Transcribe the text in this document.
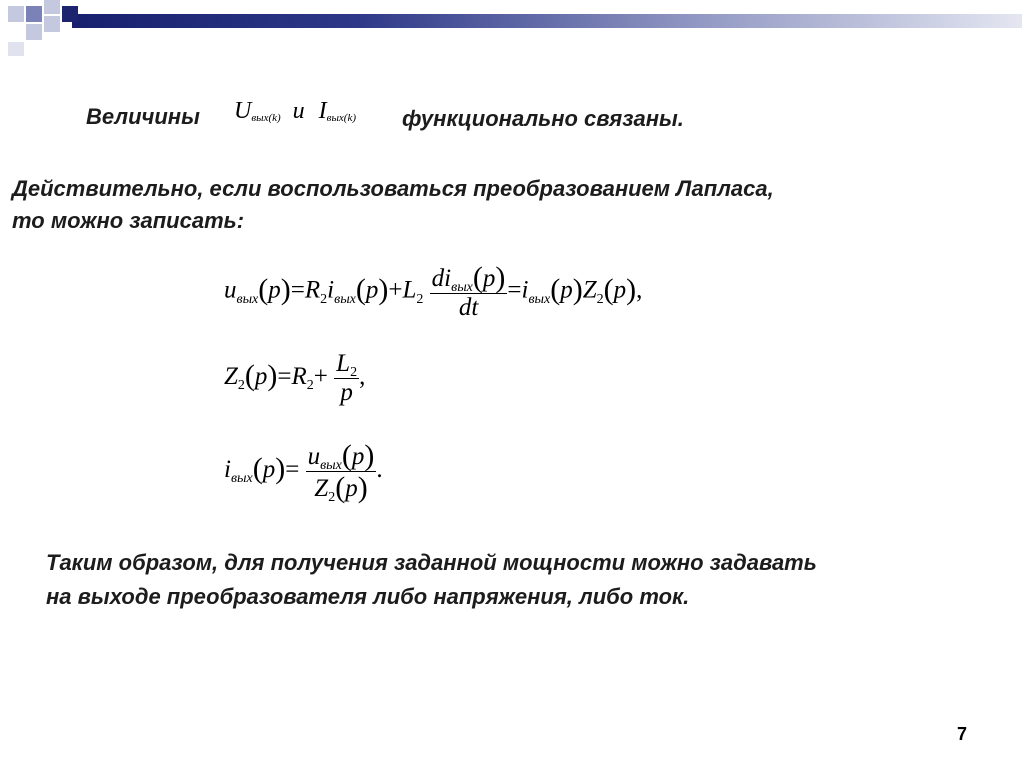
Величины Uвых(k) и Iвых(k) функционально связаны.
Действительно, если воспользоваться преобразованием Лапласа,
то можно записать:
$u_{вых}(p)=R_2i_{вых}(p)+L_2 \frac{di_{вых}(p)}{dt} =i_{вых}(p)Z_2(p)$,
$Z_2(p)=R_2+ \frac{L_2}{p}$ ,
$i_{вых}(p)= \frac{u_{вых}(p)}{Z_2(p)}$ .
Таким образом, для получения заданной мощности можно задавать
на выходе преобразователя либо напряжения, либо ток.
7
